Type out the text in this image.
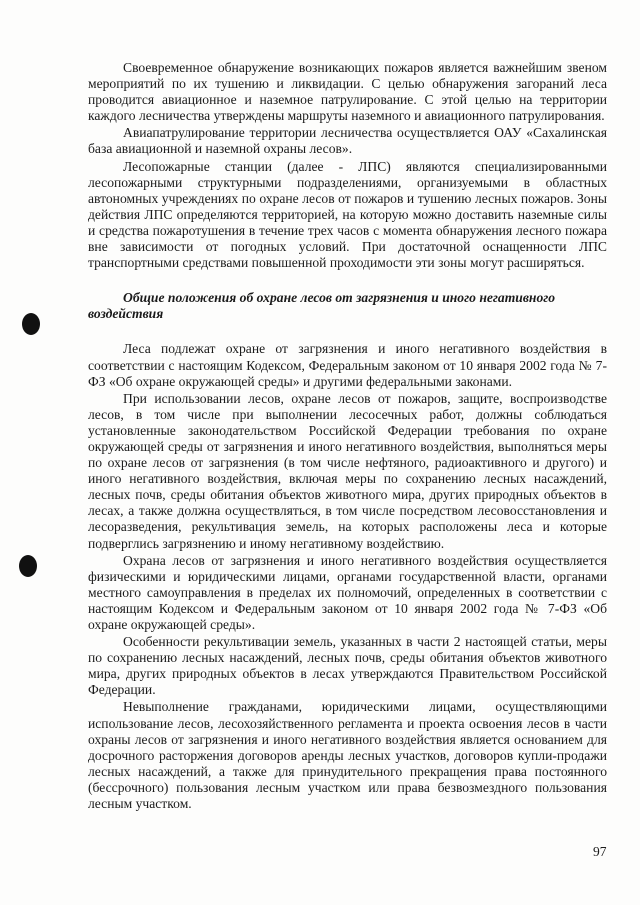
Своевременное обнаружение возникающих пожаров является важнейшим звеном мероприятий по их тушению и ликвидации. С целью обнаружения загораний леса проводится авиационное и наземное патрулирование. С этой целью на территории каждого лесничества утверждены маршруты наземного и авиационного патрулирования.

Авиапатрулирование территории лесничества осуществляется ОАУ «Сахалинская база авиационной и наземной охраны лесов».

Лесопожарные станции (далее - ЛПС) являются специализированными лесопожарными структурными подразделениями, организуемыми в областных автономных учреждениях по охране лесов от пожаров и тушению лесных пожаров. Зоны действия ЛПС определяются территорией, на которую можно доставить наземные силы и средства пожаротушения в течение трех часов с момента обнаружения лесного пожара вне зависимости от погодных условий. При достаточной оснащенности ЛПС транспортными средствами повышенной проходимости эти зоны могут расширяться.

Общие положения об охране лесов от загрязнения и иного негативного воздействия

Леса подлежат охране от загрязнения и иного негативного воздействия в соответствии с настоящим Кодексом, Федеральным законом от 10 января 2002 года № 7-ФЗ «Об охране окружающей среды» и другими федеральными законами.

При использовании лесов, охране лесов от пожаров, защите, воспроизводстве лесов, в том числе при выполнении лесосечных работ, должны соблюдаться установленные законодательством Российской Федерации требования по охране окружающей среды от загрязнения и иного негативного воздействия, выполняться меры по охране лесов от загрязнения (в том числе нефтяного, радиоактивного и другого) и иного негативного воздействия, включая меры по сохранению лесных насаждений, лесных почв, среды обитания объектов животного мира, других природных объектов в лесах, а также должна осуществляться, в том числе посредством лесовосстановления и лесоразведения, рекультивация земель, на которых расположены леса и которые подверглись загрязнению и иному негативному воздействию.

Охрана лесов от загрязнения и иного негативного воздействия осуществляется физическими и юридическими лицами, органами государственной власти, органами местного самоуправления в пределах их полномочий, определенных в соответствии с настоящим Кодексом и Федеральным законом от 10 января 2002 года № 7-ФЗ «Об охране окружающей среды».

Особенности рекультивации земель, указанных в части 2 настоящей статьи, меры по сохранению лесных насаждений, лесных почв, среды обитания объектов животного мира, других природных объектов в лесах утверждаются Правительством Российской Федерации.

Невыполнение гражданами, юридическими лицами, осуществляющими использование лесов, лесохозяйственного регламента и проекта освоения лесов в части охраны лесов от загрязнения и иного негативного воздействия является основанием для досрочного расторжения договоров аренды лесных участков, договоров купли-продажи лесных насаждений, а также для принудительного прекращения права постоянного (бессрочного) пользования лесным участком или права безвозмездного пользования лесным участком.

97
